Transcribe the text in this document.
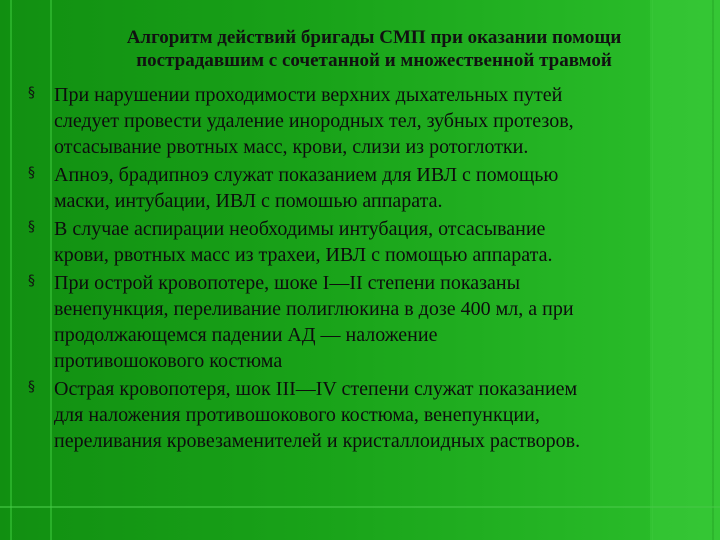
Алгоритм действий бригады СМП при оказании помощи
пострадавшим с сочетанной и множественной травмой
§ При нарушении проходимости верхних дыхательных путей
следует провести удаление инородных тел, зубных протезов,
отсасывание рвотных масс, крови, слизи из ротоглотки.
§ Апноэ, брадипноэ служат показанием для ИВЛ с помощью
маски, интубации, ИВЛ с помошью аппарата.
§ В случае аспирации необходимы интубация, отсасывание
крови, рвотных масс из трахеи, ИВЛ с помощью аппарата.
§ При острой кровопотере, шоке I—II степени показаны
венепункция, переливание полиглюкина в дозе 400 мл, а при
продолжающемся падении АД — наложение
противошокового костюма
§ Острая кровопотеря, шок III—IV степени служат показанием
для наложения противошокового костюма, венепункции,
переливания кровезаменителей и кристаллоидных растворов.
